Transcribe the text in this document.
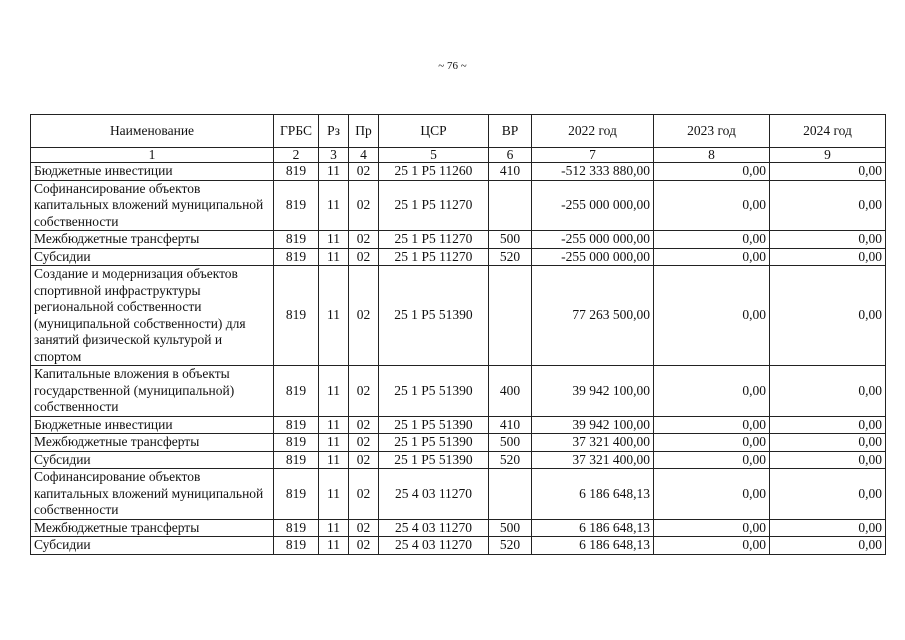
~ 76 ~
Наименование	ГРБС	Рз	Пр	ЦСР	ВР	2022 год	2023 год	2024 год
1	2	3	4	5	6	7	8	9
Бюджетные инвестиции	819	11	02	25 1 P5 11260	410	-512 333 880,00	0,00	0,00
Софинансирование объектов капитальных вложений муниципальной собственности	819	11	02	25 1 P5 11270		-255 000 000,00	0,00	0,00
Межбюджетные трансферты	819	11	02	25 1 P5 11270	500	-255 000 000,00	0,00	0,00
Субсидии	819	11	02	25 1 P5 11270	520	-255 000 000,00	0,00	0,00
Создание и модернизация объектов спортивной инфраструктуры региональной собственности (муниципальной собственности) для занятий физической культурой и спортом	819	11	02	25 1 P5 51390		77 263 500,00	0,00	0,00
Капитальные вложения в объекты государственной (муниципальной) собственности	819	11	02	25 1 P5 51390	400	39 942 100,00	0,00	0,00
Бюджетные инвестиции	819	11	02	25 1 P5 51390	410	39 942 100,00	0,00	0,00
Межбюджетные трансферты	819	11	02	25 1 P5 51390	500	37 321 400,00	0,00	0,00
Субсидии	819	11	02	25 1 P5 51390	520	37 321 400,00	0,00	0,00
Софинансирование объектов капитальных вложений муниципальной собственности	819	11	02	25 4 03 11270		6 186 648,13	0,00	0,00
Межбюджетные трансферты	819	11	02	25 4 03 11270	500	6 186 648,13	0,00	0,00
Субсидии	819	11	02	25 4 03 11270	520	6 186 648,13	0,00	0,00
